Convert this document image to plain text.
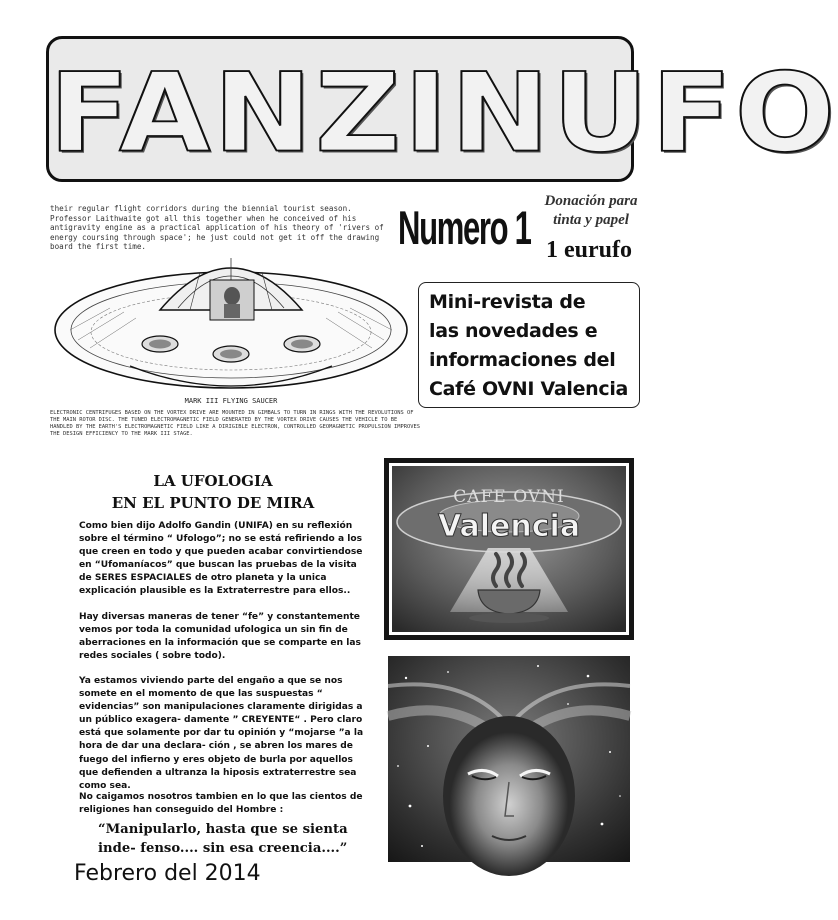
FANZINUFO
their regular flight corridors during the biennial tourist season. Professor Laithwaite got all this together when he conceived of his antigravity engine as a practical application of his theory of 'rivers of energy coursing through space'; he just could not get it off the drawing board the first time.
MARK III FLYING SAUCER
ELECTRONIC CENTRIFUGES BASED ON THE VORTEX DRIVE ARE MOUNTED IN GIMBALS TO TURN IN RINGS WITH THE REVOLUTIONS OF THE MAIN ROTOR DISC. THE TUNED ELECTROMAGNETIC FIELD GENERATED BY THE VORTEX DRIVE CAUSES THE VEHICLE TO BE HANDLED BY THE EARTH'S ELECTROMAGNETIC FIELD LIKE A DIRIGIBLE ELECTRON, CONTROLLED GEOMAGNETIC PROPULSION IMPROVES THE DESIGN EFFICIENCY TO THE MARK III STAGE.
Numero 1 Donación para tinta y papel
1 eurufo

Mini-revista de
las novedades e
informaciones del
Café OVNI Valencia

LA UFOLOGIA
EN EL PUNTO DE MIRA

Como bien dijo Adolfo Gandin (UNIFA) en su reflexión sobre el término “ Ufologo”; no se está refiriendo a los que creen en todo y que pueden acabar convirtiendose en “Ufomaníacos” que buscan las pruebas de la visita de SERES ESPACIALES de otro planeta y la unica explicación plausible es la Extraterrestre para ellos..

Hay diversas maneras de tener “fe” y constantemente vemos por toda la comunidad ufologica un sin fin de aberraciones en la información que se comparte en las redes sociales ( sobre todo).

Ya estamos viviendo parte del engaño a que se nos somete en el momento de que las suspuestas “ evidencias” son manipulaciones claramente dirigidas a un público exagera- damente ” CREYENTE“ . Pero claro está que solamente por dar tu opinión y “mojarse ”a la hora de dar una declara- ción , se abren los mares de fuego del infierno y eres objeto de burla por aquellos que defienden a ultranza la hiposis extraterrestre sea como sea.

No caigamos nosotros tambien en lo que las cientos de religiones han conseguido del Hombre :

“Manipularlo, hasta que se sienta inde- fenso.... sin esa creencia....”
Febrero del 2014
CAFE OVNI
Valencia
